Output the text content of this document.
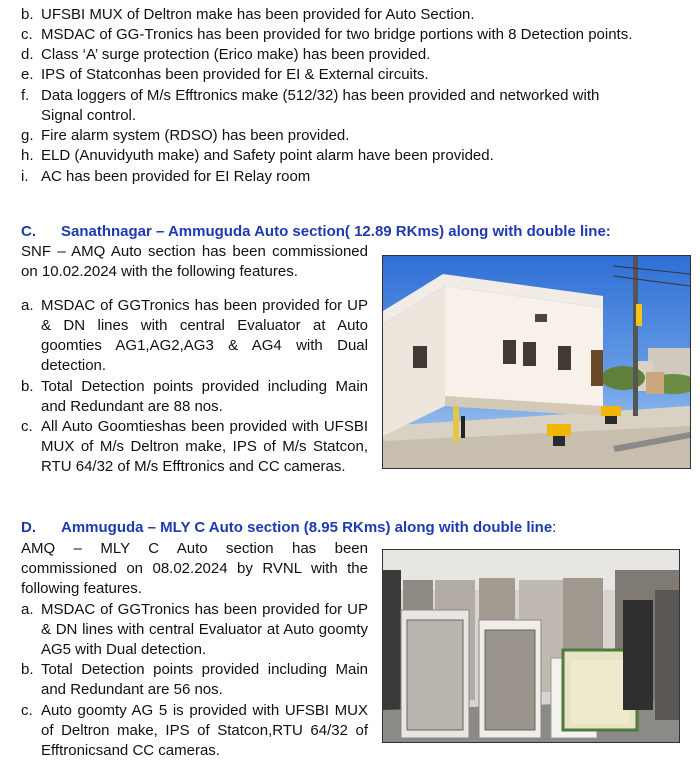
b. UFSBI MUX of Deltron make has been provided for Auto Section.
c. MSDAC of GG-Tronics has been provided for two bridge portions with 8 Detection points.
d. Class ‘A’ surge protection (Erico make) has been provided.
e. IPS of Statconhas been provided for EI & External circuits.
f. Data loggers of M/s Efftronics make (512/32) has been provided and networked with
Signal control.
g. Fire alarm system (RDSO) has been provided.
h. ELD (Anuvidyuth make) and Safety point alarm have been provided.
i. AC has been provided for EI Relay room
C. Sanathnagar – Ammuguda Auto section( 12.89 RKms) along with double line:
SNF – AMQ Auto section has been commissioned on 10.02.2024 with the following features.
a. MSDAC of GGTronics has been provided for UP & DN lines with central Evaluator at Auto goomties AG1,AG2,AG3 & AG4 with Dual detection.
b. Total Detection points provided including Main and Redundant are 88 nos.
c. All Auto Goomtieshas been provided with UFSBI MUX of M/s Deltron make, IPS of M/s Statcon, RTU 64/32 of M/s Efftronics and CC cameras.
D. Ammuguda – MLY C Auto section (8.95 RKms) along with double line:
AMQ – MLY C Auto section has been commissioned on 08.02.2024 by RVNL with the following features.
a. MSDAC of GGTronics has been provided for UP & DN lines with central Evaluator at Auto goomty AG5 with Dual detection.
b. Total Detection points provided including Main and Redundant are 56 nos.
c. Auto goomty AG 5 is provided with UFSBI MUX of Deltron make, IPS of Statcon,RTU 64/32 of Efftronicsand CC cameras.
